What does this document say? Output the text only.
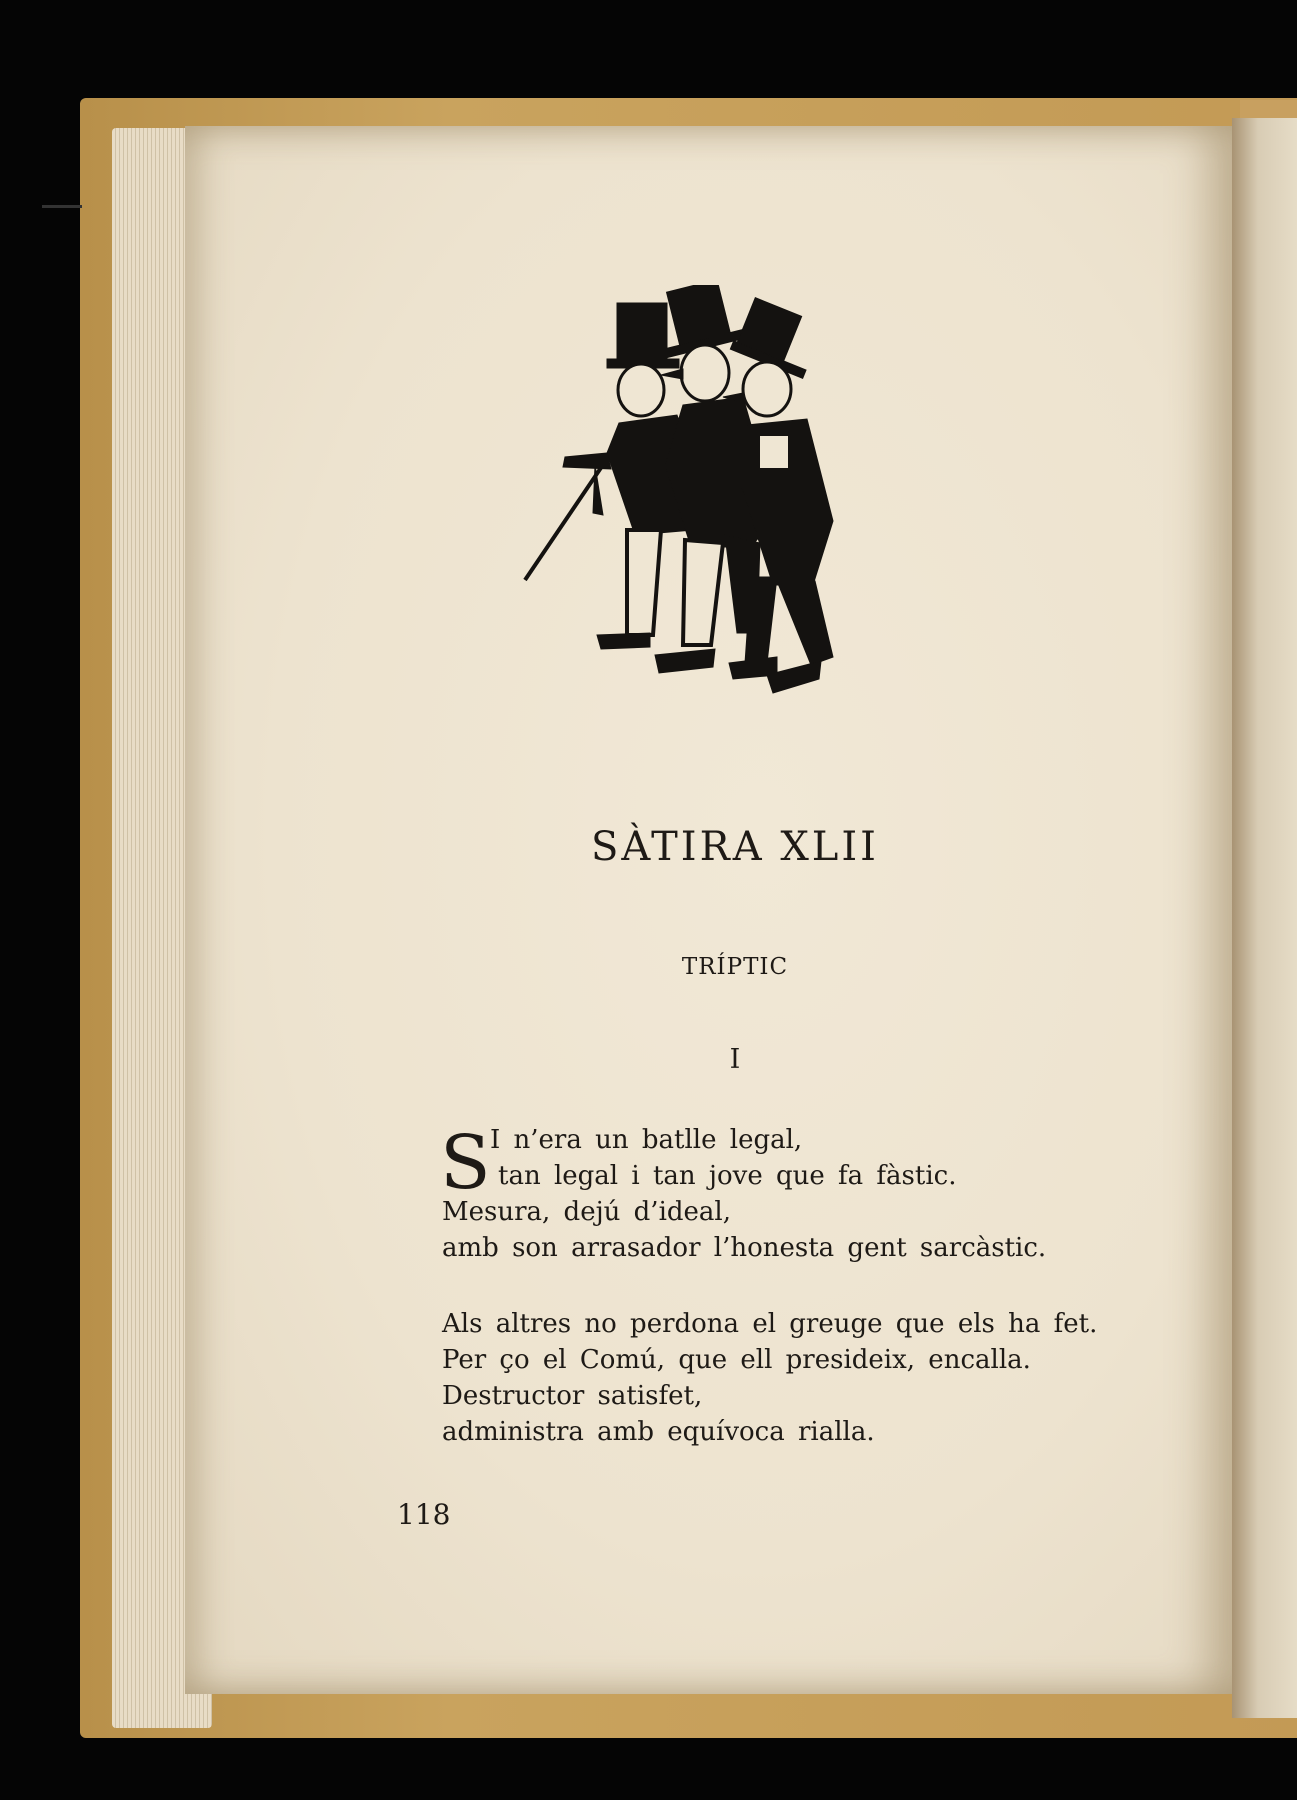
SÀTIRA XLII
TRÍPTIC
I
S I n’era un batlle legal,
tan legal i tan jove que fa fàstic.
Mesura, dejú d’ideal,
amb son arrasador l’honesta gent sarcàstic.
Als altres no perdona el greuge que els ha fet.
Per ço el Comú, que ell presideix, encalla.
Destructor satisfet,
administra amb equívoca rialla.
118
